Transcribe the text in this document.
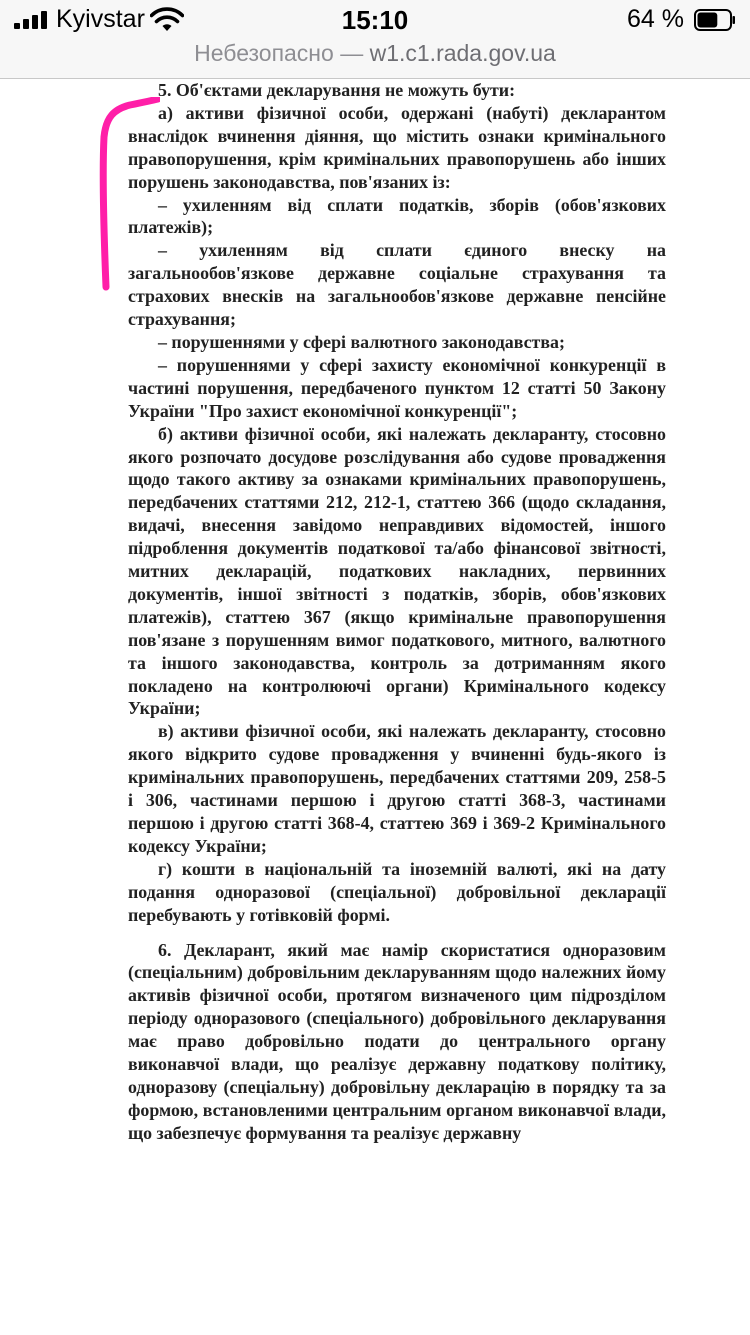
Kyivstar	15:10	64 %
Небезопасно — w1.c1.rada.gov.ua

5. Об'єктами декларування не можуть бути:

а) активи фізичної особи, одержані (набуті) декларантом внаслідок вчинення діяння, що містить ознаки кримінального правопорушення, крім кримінальних правопорушень або інших порушень законодавства, пов'язаних із:

– ухиленням від сплати податків, зборів (обов'язкових платежів);

– ухиленням від сплати єдиного внеску на загальнообов'язкове державне соціальне страхування та страхових внесків на загальнообов'язкове державне пенсійне страхування;

– порушеннями у сфері валютного законодавства;

– порушеннями у сфері захисту економічної конкуренції в частині порушення, передбаченого пунктом 12 статті 50 Закону України "Про захист економічної конкуренції";

б) активи фізичної особи, які належать декларанту, стосовно якого розпочато досудове розслідування або судове провадження щодо такого активу за ознаками кримінальних правопорушень, передбачених статтями 212, 212-1, статтею 366 (щодо складання, видачі, внесення завідомо неправдивих відомостей, іншого підроблення документів податкової та/або фінансової звітності, митних декларацій, податкових накладних, первинних документів, іншої звітності з податків, зборів, обов'язкових платежів), статтею 367 (якщо кримінальне правопорушення пов'язане з порушенням вимог податкового, митного, валютного та іншого законодавства, контроль за дотриманням якого покладено на контролюючі органи) Кримінального кодексу України;

в) активи фізичної особи, які належать декларанту, стосовно якого відкрито судове провадження у вчиненні будь-якого із кримінальних правопорушень, передбачених статтями 209, 258-5 і 306, частинами першою і другою статті 368-3, частинами першою і другою статті 368-4, статтею 369 і 369-2 Кримінального кодексу України;

г) кошти в національній та іноземній валюті, які на дату подання одноразової (спеціальної) добровільної декларації перебувають у готівковій формі.

6. Декларант, який має намір скористатися одноразовим (спеціальним) добровільним декларуванням щодо належних йому активів фізичної особи, протягом визначеного цим підрозділом періоду одноразового (спеціального) добровільного декларування має право добровільно подати до центрального органу виконавчої влади, що реалізує державну податкову політику, одноразову (спеціальну) добровільну декларацію в порядку та за формою, встановленими центральним органом виконавчої влади, що забезпечує формування та реалізує державну
